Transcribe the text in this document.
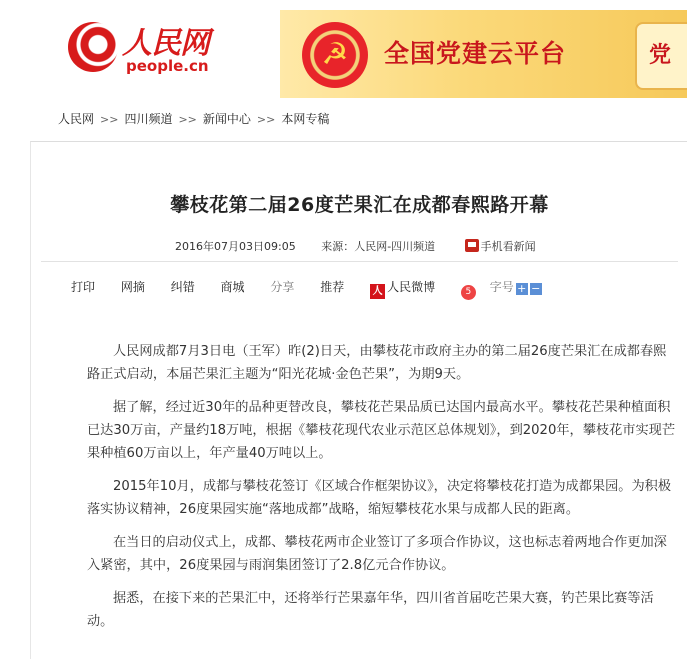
人民网
people.cn	☭	全国党建云平台	党
人民网 >> 四川频道 >> 新闻中心 >> 本网专稿
攀枝花第二届26度芒果汇在成都春熙路开幕
2016年07月03日09:05 来源：人民网-四川频道	手机看新闻
打印 网摘 纠错 商城 分享 推荐	人 人民微博	5 字号 + −

人民网成都7月3日电（王军）昨(2)日天，由攀枝花市政府主办的第二届26度芒果汇在成都春熙路正式启动，本届芒果汇主题为“阳光花城·金色芒果”，为期9天。

据了解，经过近30年的品种更替改良，攀枝花芒果品质已达国内最高水平。攀枝花芒果种植面积已达30万亩，产量约18万吨，根据《攀枝花现代农业示范区总体规划》，到2020年，攀枝花市实现芒果种植60万亩以上，年产量40万吨以上。

2015年10月，成都与攀枝花签订《区域合作框架协议》，决定将攀枝花打造为成都果园。为积极落实协议精神，26度果园实施“落地成都”战略，缩短攀枝花水果与成都人民的距离。

在当日的启动仪式上，成都、攀枝花两市企业签订了多项合作协议，这也标志着两地合作更加深入紧密，其中，26度果园与雨润集团签订了2.8亿元合作协议。

据悉，在接下来的芒果汇中，还将举行芒果嘉年华，四川省首届吃芒果大赛，钓芒果比赛等活动。
